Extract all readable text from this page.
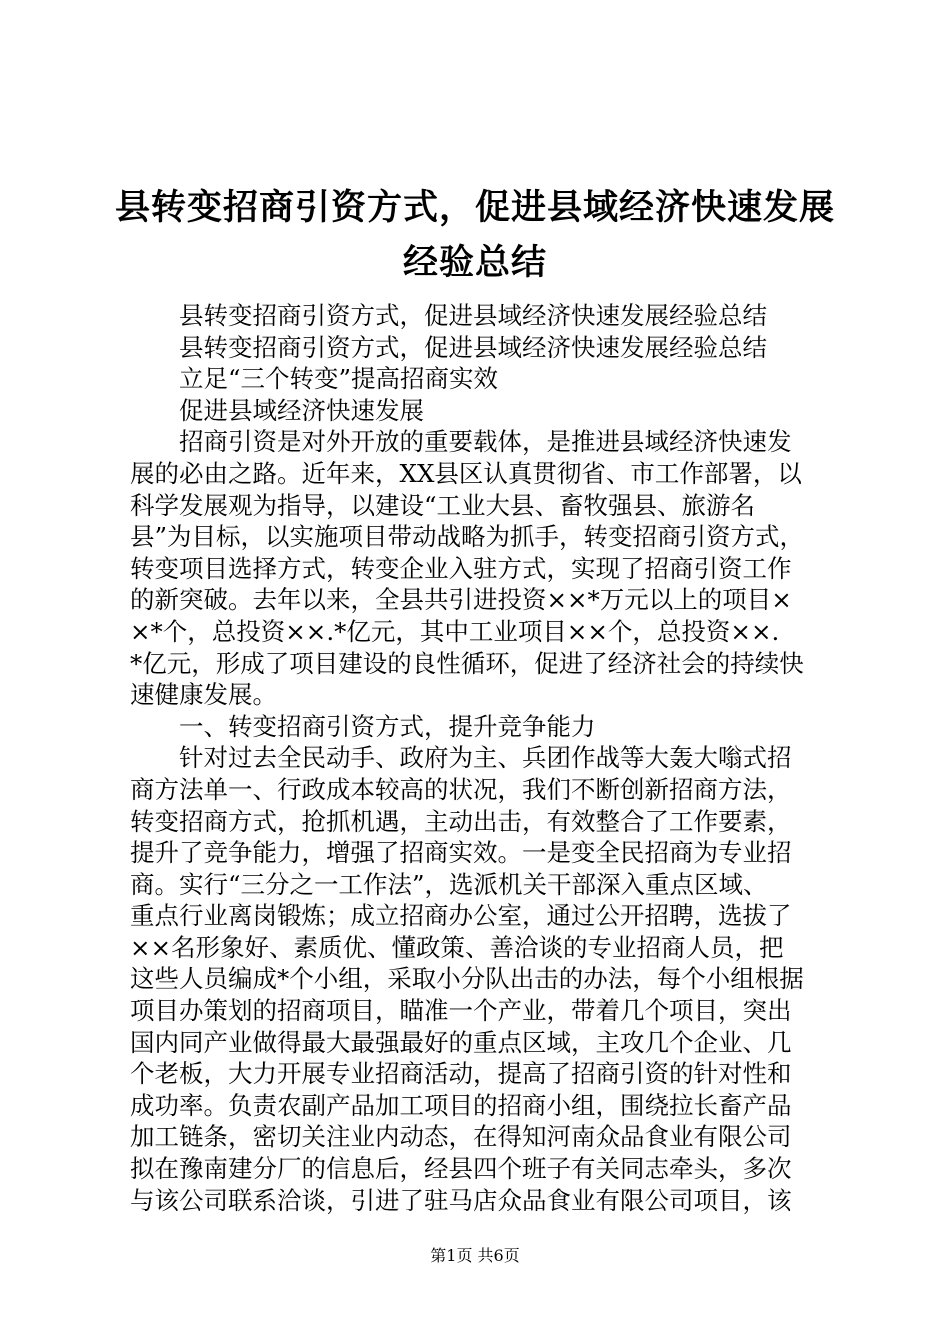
县转变招商引资方式，促进县域经济快速发展
经验总结
县转变招商引资方式，促进县域经济快速发展经验总结
县转变招商引资方式，促进县域经济快速发展经验总结
立足“三个转变”提高招商实效
促进县域经济快速发展
招商引资是对外开放的重要载体，是推进县域经济快速发
展的必由之路。近年来，XX县区认真贯彻省、市工作部署，以
科学发展观为指导，以建设“工业大县、畜牧强县、旅游名
县”为目标，以实施项目带动战略为抓手，转变招商引资方式，
转变项目选择方式，转变企业入驻方式，实现了招商引资工作
的新突破。去年以来，全县共引进投资××*万元以上的项目×
×*个，总投资××.*亿元，其中工业项目××个，总投资××.
*亿元，形成了项目建设的良性循环，促进了经济社会的持续快
速健康发展。
一、转变招商引资方式，提升竞争能力
针对过去全民动手、政府为主、兵团作战等大轰大嗡式招
商方法单一、行政成本较高的状况，我们不断创新招商方法，
转变招商方式，抢抓机遇，主动出击，有效整合了工作要素，
提升了竞争能力，增强了招商实效。一是变全民招商为专业招
商。实行“三分之一工作法”，选派机关干部深入重点区域、
重点行业离岗锻炼；成立招商办公室，通过公开招聘，选拔了
××名形象好、素质优、懂政策、善洽谈的专业招商人员，把
这些人员编成*个小组，采取小分队出击的办法，每个小组根据
项目办策划的招商项目，瞄准一个产业，带着几个项目，突出
国内同产业做得最大最强最好的重点区域，主攻几个企业、几
个老板，大力开展专业招商活动，提高了招商引资的针对性和
成功率。负责农副产品加工项目的招商小组，围绕拉长畜产品
加工链条，密切关注业内动态，在得知河南众品食业有限公司
拟在豫南建分厂的信息后，经县四个班子有关同志牵头，多次
与该公司联系洽谈，引进了驻马店众品食业有限公司项目，该
第1页 共6页
